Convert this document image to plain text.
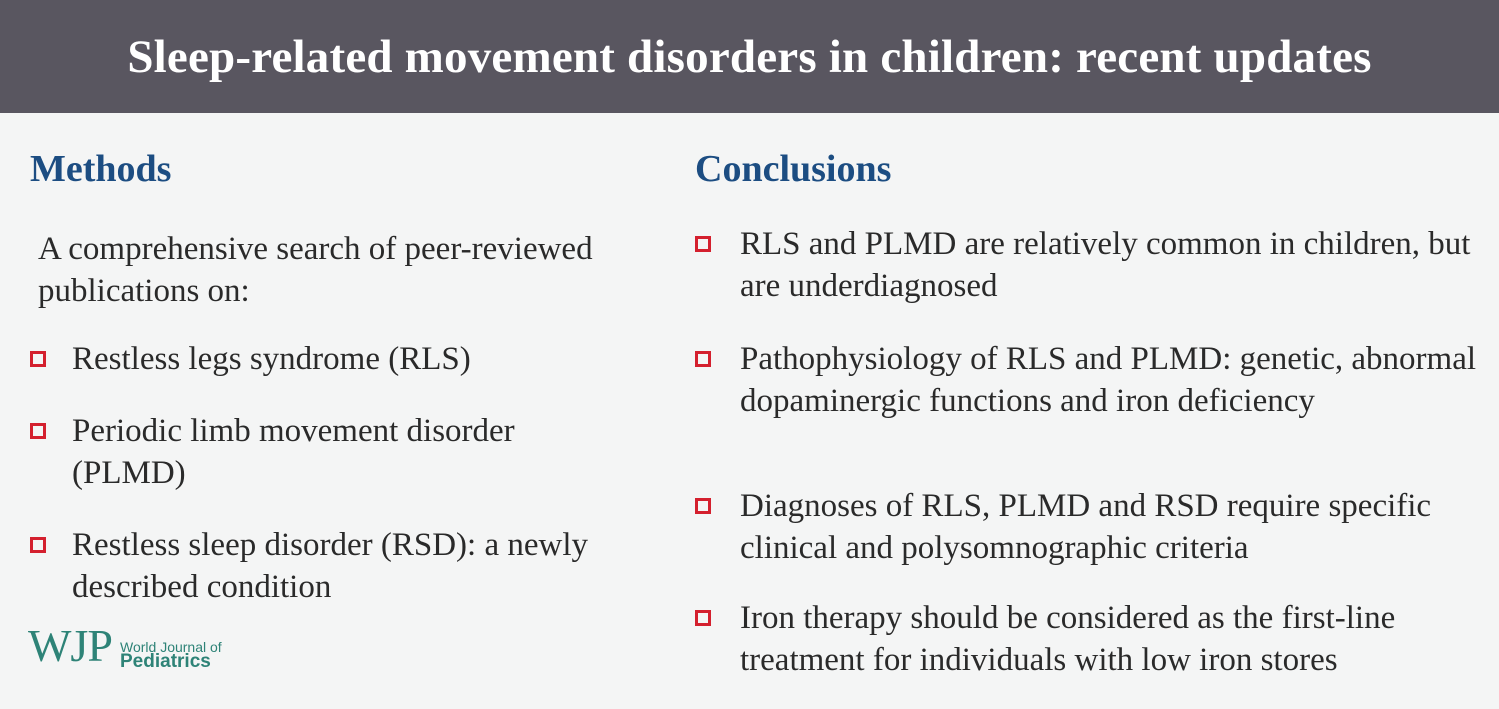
Sleep-related movement disorders in children: recent updates
Methods
A comprehensive search of peer-reviewed publications on:
Restless legs syndrome (RLS)
Periodic limb movement disorder (PLMD)
Restless sleep disorder (RSD): a newly described condition
WJP World Journal of
Pediatrics
Conclusions
RLS and PLMD are relatively common in children, but are underdiagnosed
Pathophysiology of RLS and PLMD: genetic, abnormal dopaminergic functions and iron deficiency
Diagnoses of RLS, PLMD and RSD require specific clinical and polysomnographic criteria
Iron therapy should be considered as the first-line treatment for individuals with low iron stores
